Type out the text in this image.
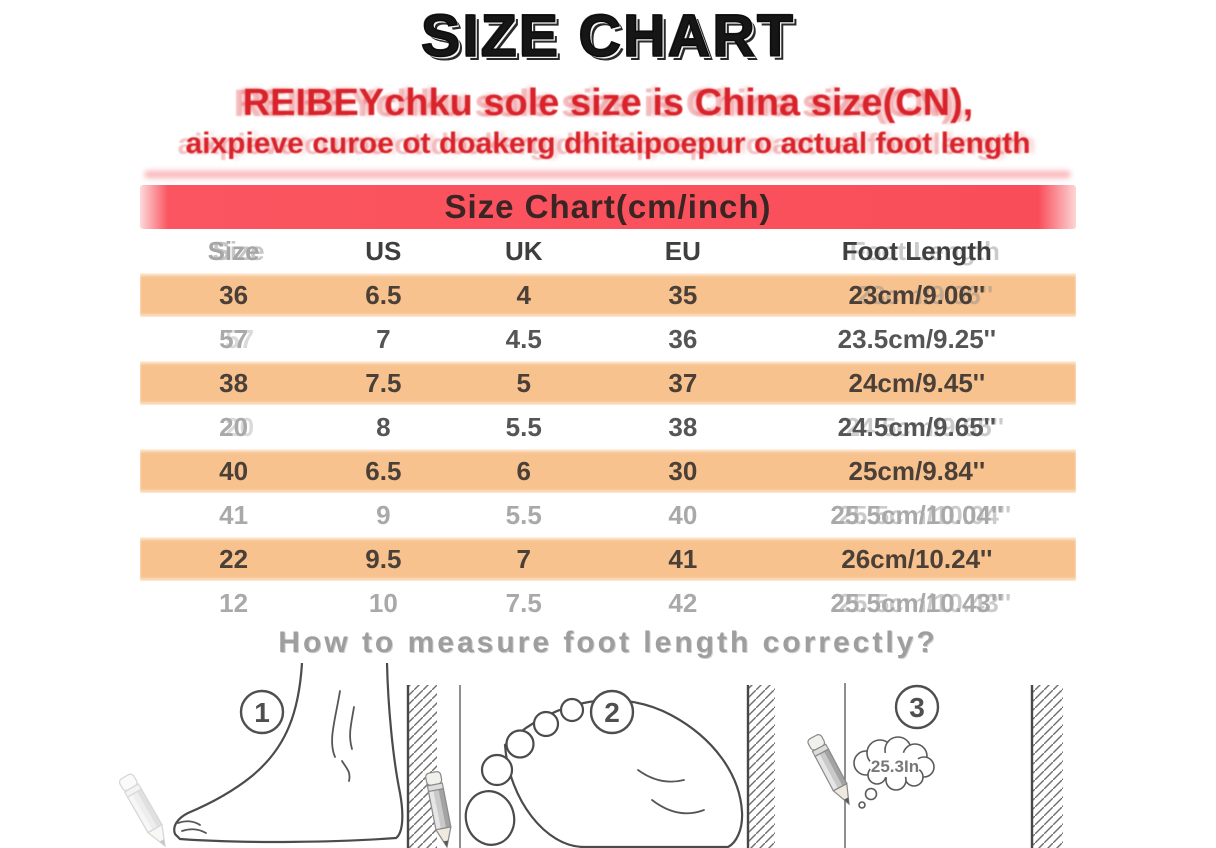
SIZE CHART
REIBEYchku sole size is China size(CN),
aixpieve curoe ot doakerg dhitaipoepur o actual foot length
Size Chart(cm/inch)
Size	US	UK	EU	Foot Length
36	6.5	4	35	23cm/9.06''
57	7	4.5	36	23.5cm/9.25''
38	7.5	5	37	24cm/9.45''
20	8	5.5	38	24.5cm/9.65''
40	6.5	6	30	25cm/9.84''
41	9	5.5	40	25.5cm/10.04''
22	9.5	7	41	26cm/10.24''
12	10	7.5	42	25.5cm/10.43''
How to measure foot length correctly?
1	2	3
25.3In
